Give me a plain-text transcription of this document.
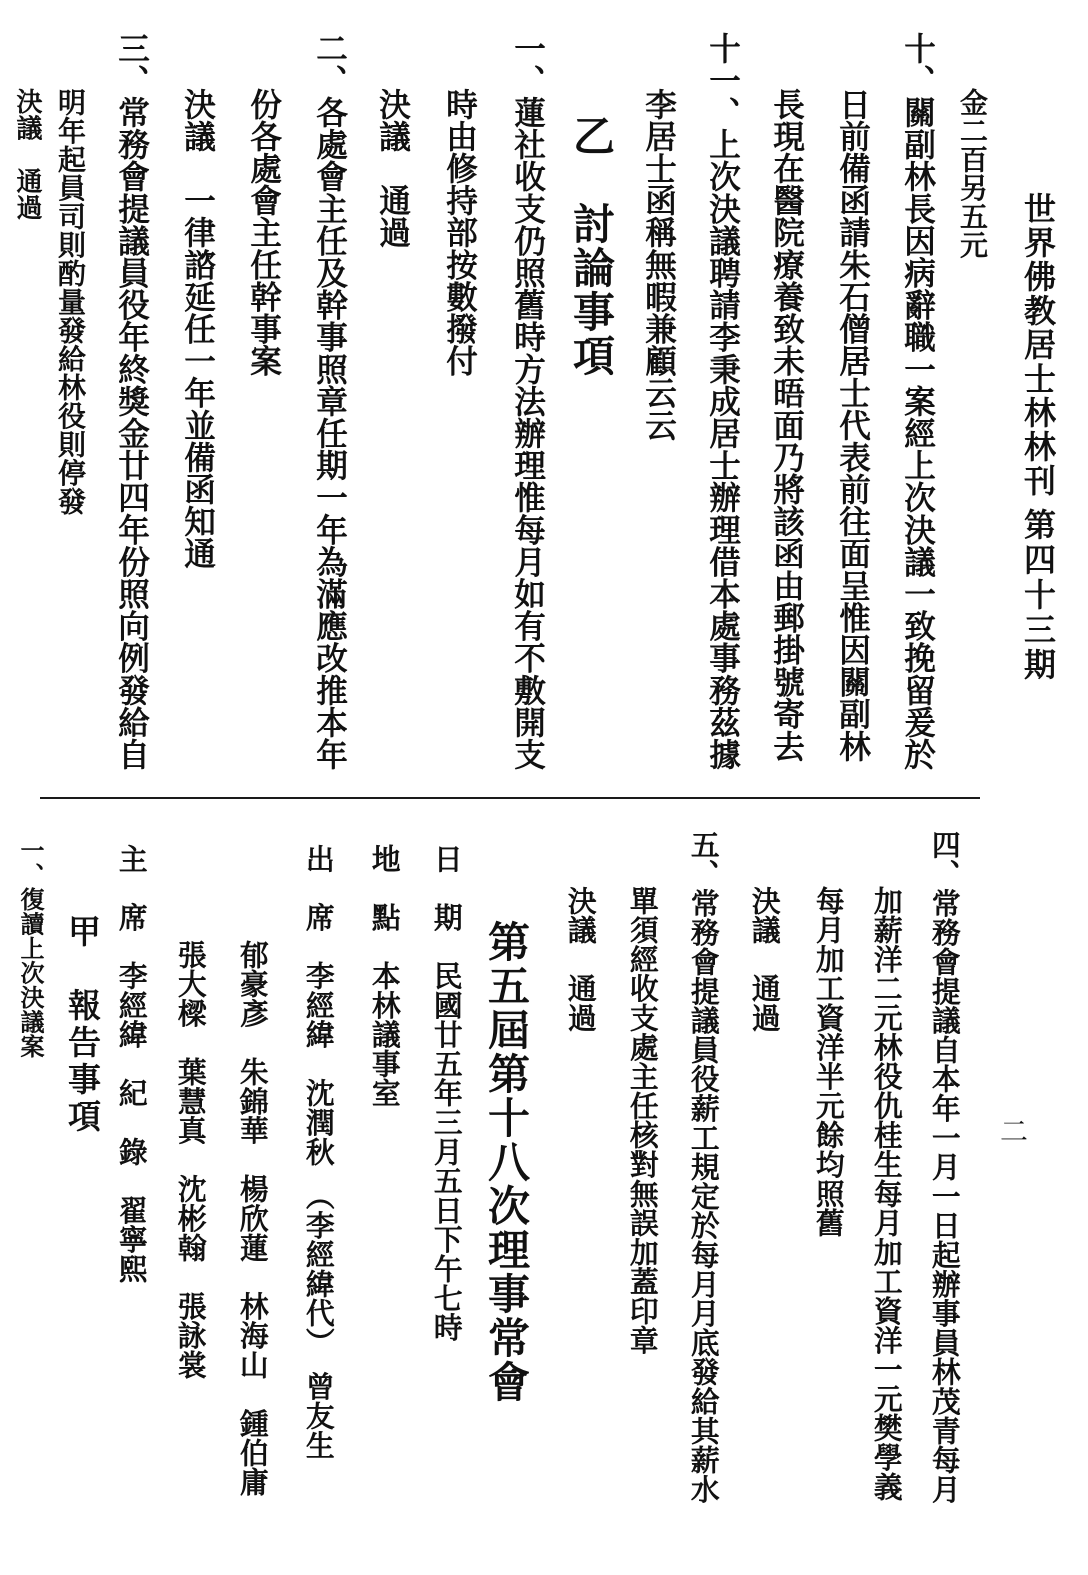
世界佛教居士林林刊
第四十三期
二
金二百另五元
十、關副林長因病辭職一案經上次決議一致挽留爰於
日前備函請朱石僧居士代表前往面呈惟因關副林
長現在醫院療養致未晤面乃將該函由郵掛號寄去
十一、上次決議聘請李秉成居士辦理借本處事務茲據
李居士函稱無暇兼顧云云
乙　討論事項
一、蓮社收支仍照舊時方法辦理惟每月如有不敷開支
時由修持部按數撥付
決議　通過
二、各處會主任及幹事照章任期一年為滿應改推本年
份各處會主任幹事案
決議　一律諮延任一年並備函知通
三、常務會提議員役年終獎金廿四年份照向例發給自
明年起員司則酌量發給林役則停發
決議　通過
四、常務會提議自本年一月一日起辦事員林茂青每月
加薪洋二元林役仇桂生每月加工資洋一元樊學義
每月加工資洋半元餘均照舊
決議　通過
五、常務會提議員役薪工規定於每月月底發給其薪水
單須經收支處主任核對無誤加蓋印章
決議　通過
第五屆第十八次理事常會
日　期　民國廿五年三月五日下午七時
地　點　本林議事室
出　席　李經緯　沈潤秋　（李經緯代）　曾友生
郁豪彥　朱錦華　楊欣蓮　林海山　鍾伯庸
張大樑　葉慧真　沈彬翰　張詠裳
主　席　李經緯　紀　錄　翟寧熙
甲　報告事項
一、復讀上次決議案
